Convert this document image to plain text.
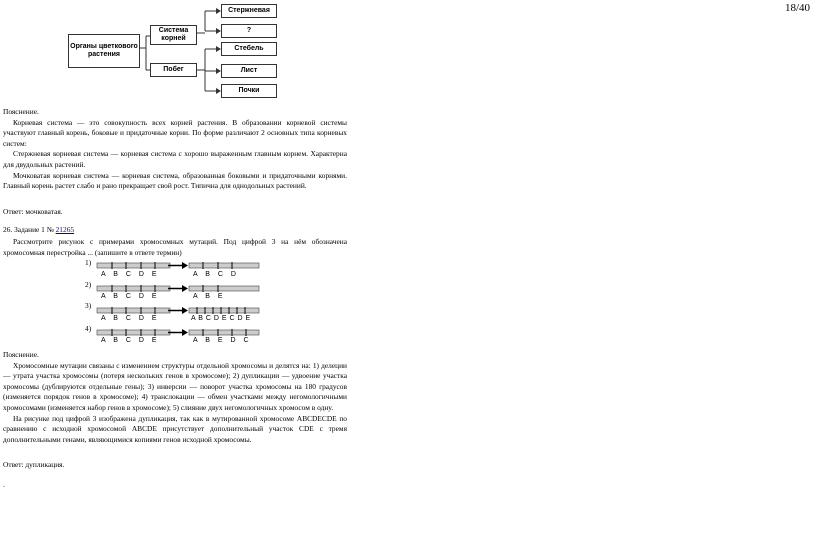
18/40
Органы цветкового растения
Система корней
Побег
Стержневая
?
Стебель
Лист
Почки
Пояснение.
Корневая система — это совокупность всех корней растения. В образовании корневой системы участвуют главный корень, боковые и придаточные корни. По форме различают 2 основных типа корневых систем:
Стержневая корневая система — корневая система с хорошо выраженным главным корнем. Характерна для двудольных растений.
Мочковатая корневая система — корневая система, образованная боковыми и придаточными корнями. Главный корень растет слабо и рано прекращает свой рост. Типична для однодольных растений.
Ответ: мочковатая.
26. Задание 1 № 21265
Рассмотрите рисунок с примерами хромосомных мутаций. Под цифрой 3 на нём обозначена хромосомная перестройка ... (запишите в ответе термин)
1)
A B C D E	A B C D
2)
A B C D E	A B E
3)
A B C D E	A B C D E C D E
4)
A B C D E	A B E D C
Пояснение.
Хромосомные мутации связаны с изменением структуры отдельной хромосомы и делятся на: 1) делеции — утрата участка хромосомы (потеря нескольких генов в хромосоме); 2) дупликации — удвоение участка хромосомы (дублируются отдельные гены); 3) инверсии — поворот участка хромосомы на 180 градусов (изменяется порядок генов в хромосоме); 4) транслокации — обмен участками между негомологичными хромосомами (изменяется набор генов в хромосоме); 5) слияние двух негомологичных хромосом в одну.
На рисунке под цифрой 3 изображена дупликация, так как в мутированной хромосоме ABCDECDE по сравнению с исходной хромосомой ABCDE присутствует дополнительный участок CDE с тремя дополнительными генами, являющимися копиями генов исходной хромосомы.
Ответ: дупликация.
.
